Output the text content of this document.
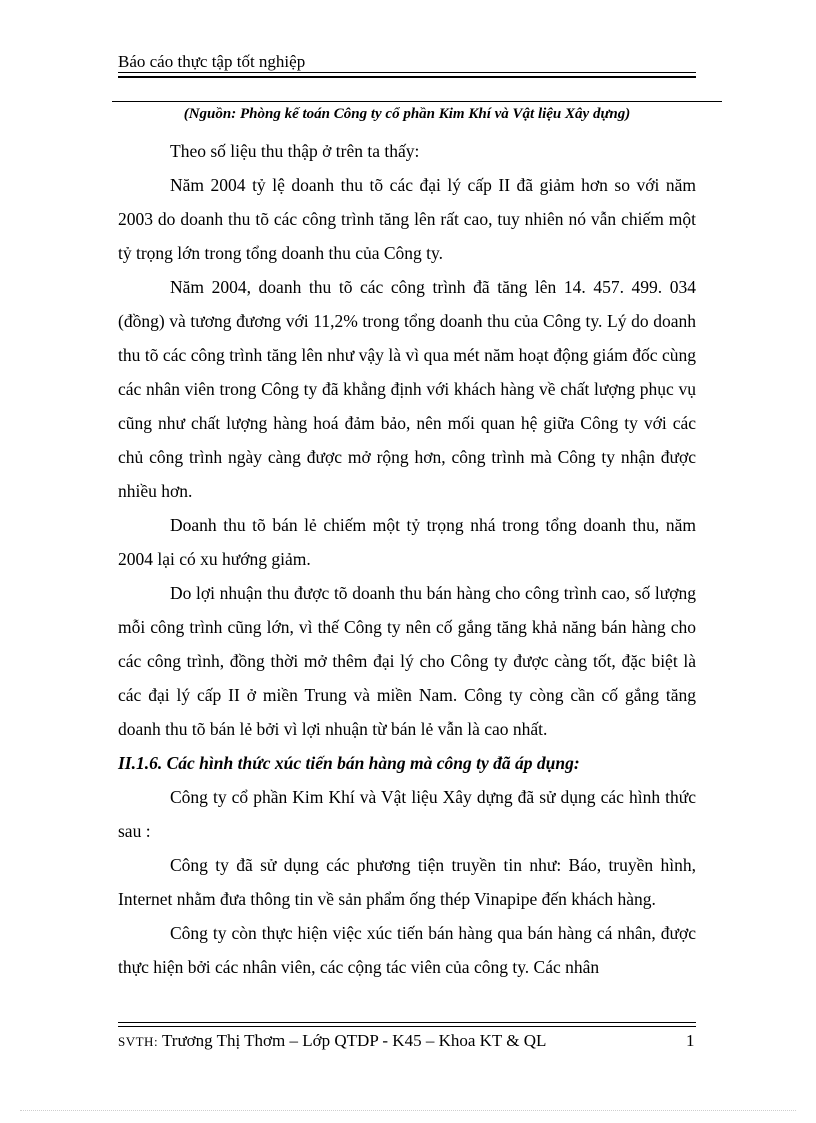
Báo cáo thực tập tốt nghiệp
(Nguồn: Phòng kế toán Công ty cổ phần Kim Khí và Vật liệu Xây dựng)

Theo số liệu thu thập ở trên ta thấy:

Năm 2004 tỷ lệ doanh thu tõ các đại lý cấp II đã giảm hơn so với năm 2003 do doanh thu tõ các công trình tăng lên rất cao, tuy nhiên nó vẫn chiếm một tỷ trọng lớn trong tổng doanh thu của Công ty.

Năm 2004, doanh thu tõ các công trình đã tăng lên 14. 457. 499. 034 (đồng) và tương đương với 11,2% trong tổng doanh thu của Công ty. Lý do doanh thu tõ các công trình tăng lên như vậy là vì qua mét năm hoạt động giám đốc cùng các nhân viên trong Công ty đã khẳng định với khách hàng về chất lượng phục vụ cũng như chất lượng hàng hoá đảm bảo, nên mối quan hệ giữa Công ty với các chủ công trình ngày càng được mở rộng hơn, công trình mà Công ty nhận được nhiều hơn.

Doanh thu tõ bán lẻ chiếm một tỷ trọng nhá trong tổng doanh thu, năm 2004 lại có xu hướng giảm.

Do lợi nhuận thu được tõ doanh thu bán hàng cho công trình cao, số lượng mỗi công trình cũng lớn, vì thế Công ty nên cố gắng tăng khả năng bán hàng cho các công trình, đồng thời mở thêm đại lý cho Công ty được càng tốt, đặc biệt là các đại lý cấp II ở miền Trung và miền Nam. Công ty còng cần cố gắng tăng doanh thu tõ bán lẻ bởi vì lợi nhuận từ bán lẻ vẫn là cao nhất.

II.1.6. Các hình thức xúc tiến bán hàng mà công ty đã áp dụng:

Công ty cổ phần Kim Khí và Vật liệu Xây dựng đã sử dụng các hình thức sau :

Công ty đã sử dụng các phương tiện truyền tin như: Báo, truyền hình, Internet nhằm đưa thông tin về sản phẩm ống thép Vinapipe đến khách hàng.

Công ty còn thực hiện việc xúc tiến bán hàng qua bán hàng cá nhân, được thực hiện bởi các nhân viên, các cộng tác viên của công ty. Các nhân

SVTH: Trương Thị Thơm – Lớp QTDP - K45 – Khoa KT & QL	1
